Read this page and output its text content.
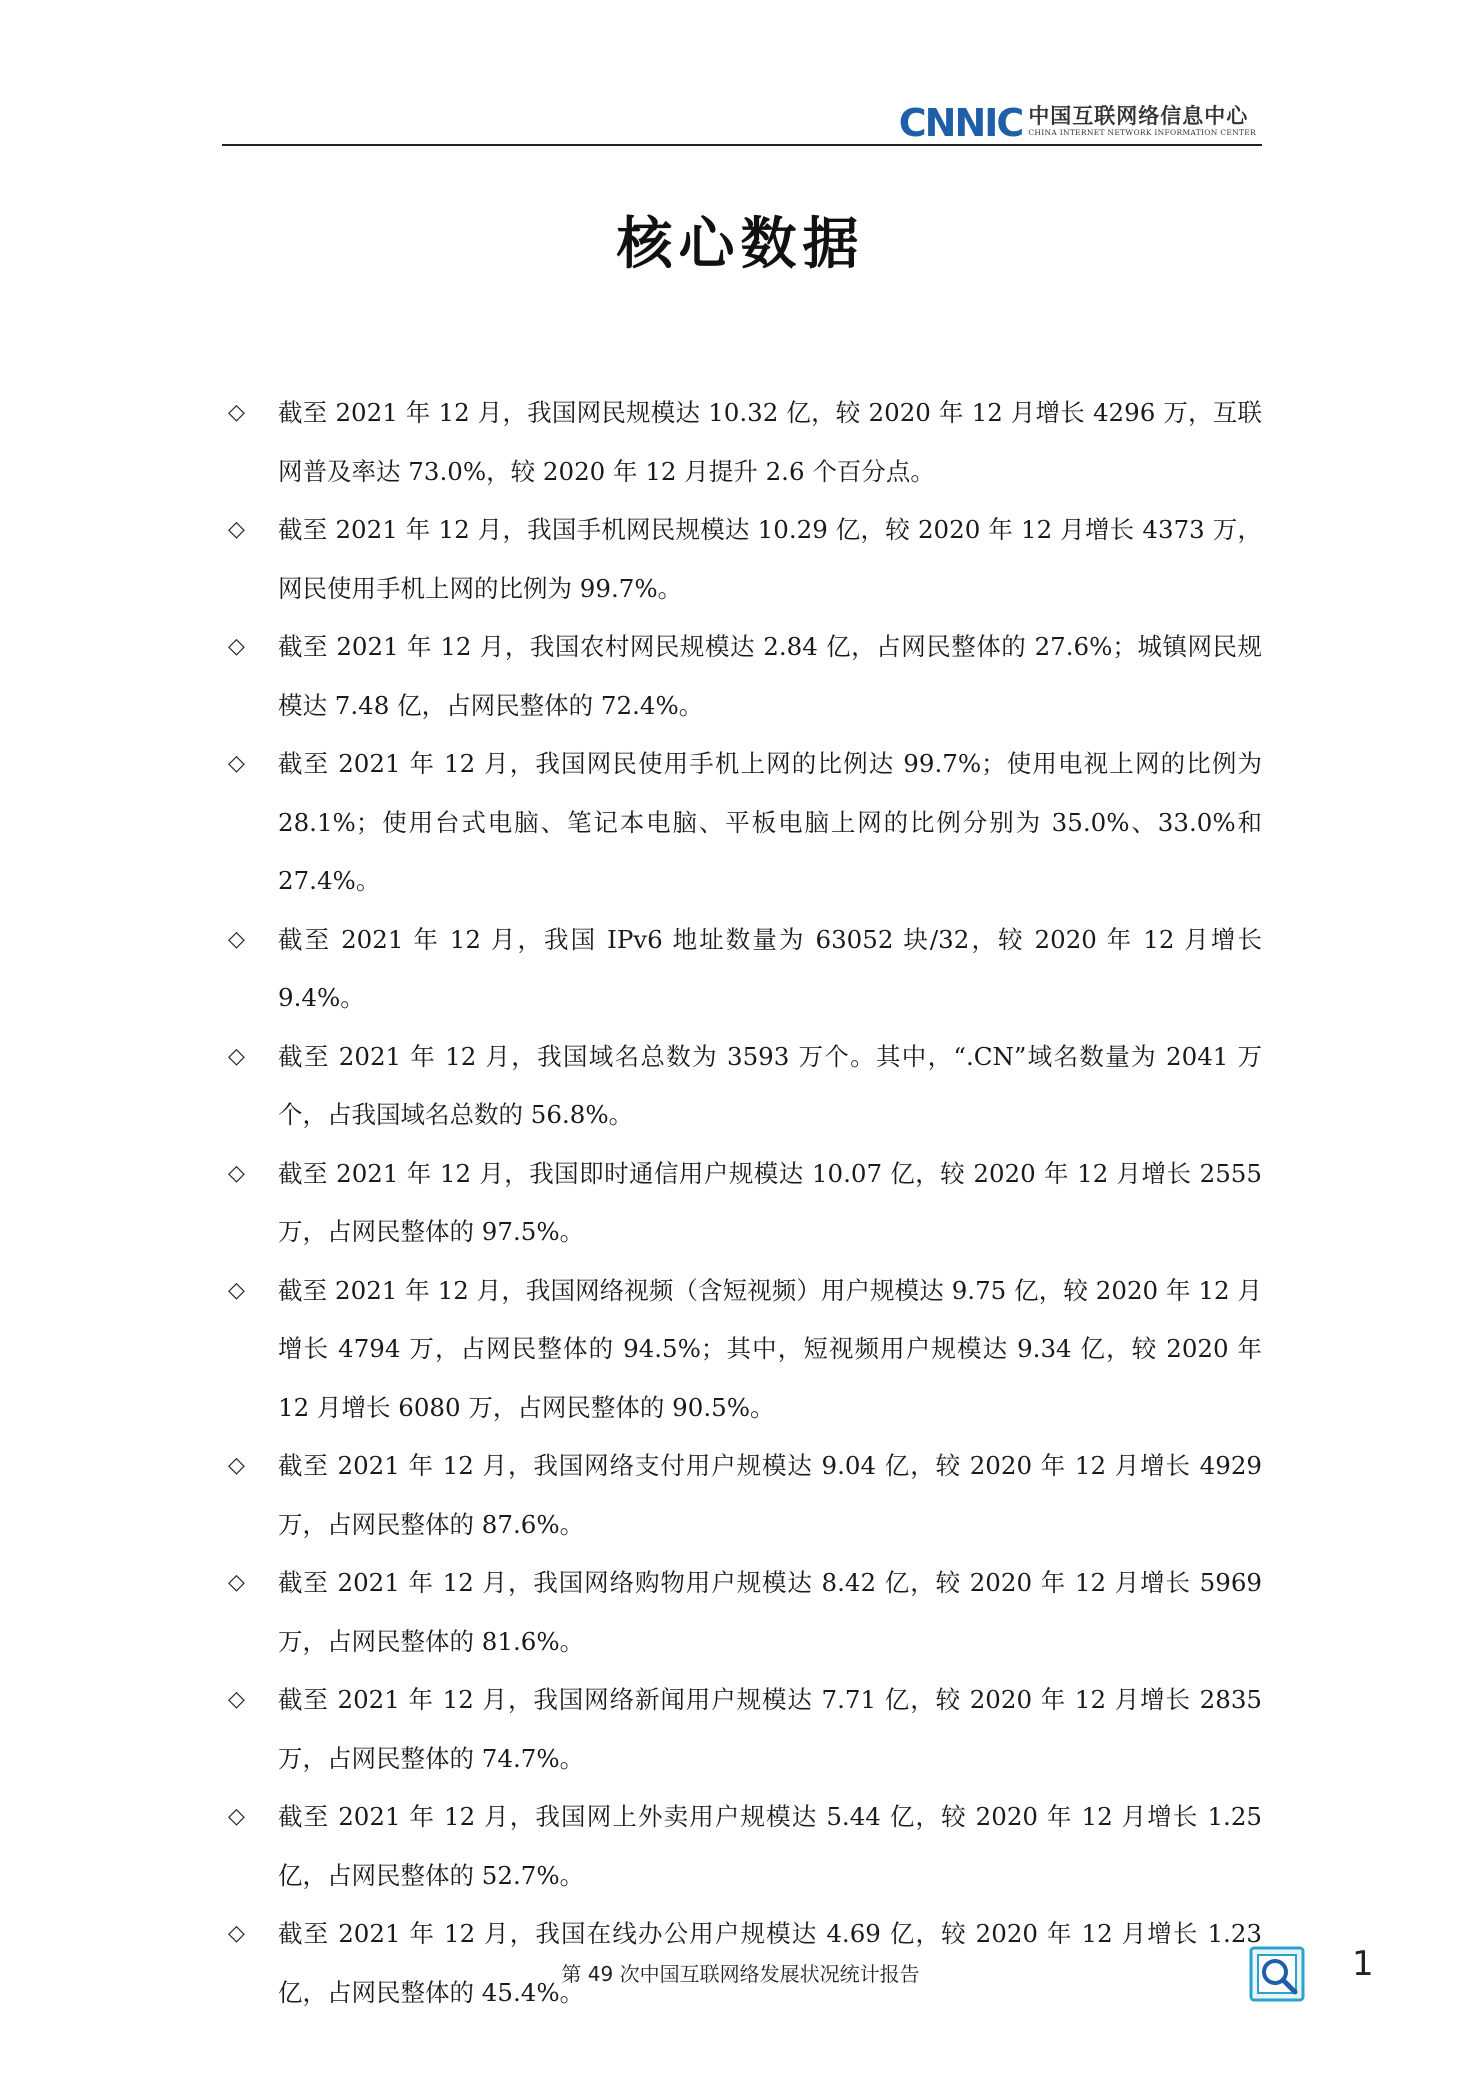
CNNIC 中国互联网络信息中心
CHINA INTERNET NETWORK INFORMATION CENTER
核心数据
◇ 截至 2021 年 12 月，我国网民规模达 10.32 亿，较 2020 年 12 月增长 4296 万，互联网普及率达 73.0%，较 2020 年 12 月提升 2.6 个百分点。
◇ 截至 2021 年 12 月，我国手机网民规模达 10.29 亿，较 2020 年 12 月增长 4373 万，网民使用手机上网的比例为 99.7%。
◇ 截至 2021 年 12 月，我国农村网民规模达 2.84 亿，占网民整体的 27.6%；城镇网民规模达 7.48 亿，占网民整体的 72.4%。
◇ 截至 2021 年 12 月，我国网民使用手机上网的比例达 99.7%；使用电视上网的比例为 28.1%；使用台式电脑、笔记本电脑、平板电脑上网的比例分别为 35.0%、33.0%和 27.4%。
◇ 截至 2021 年 12 月，我国 IPv6 地址数量为 63052 块/32，较 2020 年 12 月增长 9.4%。
◇ 截至 2021 年 12 月，我国域名总数为 3593 万个。其中，“.CN”域名数量为 2041 万个，占我国域名总数的 56.8%。
◇ 截至 2021 年 12 月，我国即时通信用户规模达 10.07 亿，较 2020 年 12 月增长 2555 万，占网民整体的 97.5%。
◇ 截至 2021 年 12 月，我国网络视频（含短视频）用户规模达 9.75 亿，较 2020 年 12 月增长 4794 万，占网民整体的 94.5%；其中，短视频用户规模达 9.34 亿，较 2020 年 12 月增长 6080 万，占网民整体的 90.5%。
◇ 截至 2021 年 12 月，我国网络支付用户规模达 9.04 亿，较 2020 年 12 月增长 4929 万，占网民整体的 87.6%。
◇ 截至 2021 年 12 月，我国网络购物用户规模达 8.42 亿，较 2020 年 12 月增长 5969 万，占网民整体的 81.6%。
◇ 截至 2021 年 12 月，我国网络新闻用户规模达 7.71 亿，较 2020 年 12 月增长 2835 万，占网民整体的 74.7%。
◇ 截至 2021 年 12 月，我国网上外卖用户规模达 5.44 亿，较 2020 年 12 月增长 1.25 亿，占网民整体的 52.7%。
◇ 截至 2021 年 12 月，我国在线办公用户规模达 4.69 亿，较 2020 年 12 月增长 1.23 亿，占网民整体的 45.4%。
第 49 次中国互联网络发展状况统计报告	1
